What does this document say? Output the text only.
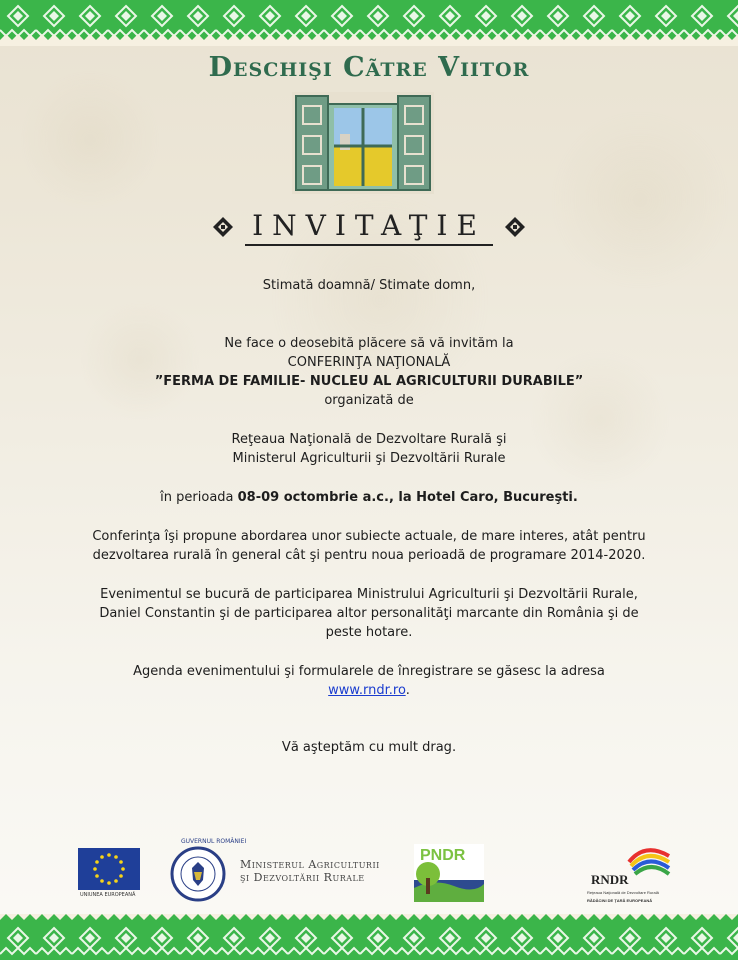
Deschişi Cãtre Viitor
INVITAŢIE
Stimată doamnă/ Stimate domn,
Ne face o deosebită plăcere să vă invităm la
CONFERINŢA NAŢIONALĂ
”FERMA DE FAMILIE- NUCLEU AL AGRICULTURII DURABILE”
organizată de
Reţeaua Naţională de Dezvoltare Rurală şi
Ministerul Agriculturii şi Dezvoltării Rurale
în perioada 08-09 octombrie a.c., la Hotel Caro, Bucureşti.
Conferinţa îşi propune abordarea unor subiecte actuale, de mare interes, atât pentru
dezvoltarea rurală în general cât şi pentru noua perioadă de programare 2014-2020.
Evenimentul se bucură de participarea Ministrului Agriculturii şi Dezvoltării Rurale,
Daniel Constantin şi de participarea altor personalităţi marcante din România şi de
peste hotare.
Agenda evenimentului şi formularele de înregistrare se găsesc la adresa
www.rndr.ro.
Vă aşteptăm cu mult drag.
UNIUNEA EUROPEANĂ
GUVERNUL ROMÂNIEI
Ministerul Agriculturii
şi Dezvoltării Rurale
PNDR
RNDR
Reţeaua Naţională de Dezvoltare Rurală
RĂDĂCINI DE ŢARĂ EUROPEANĂ
